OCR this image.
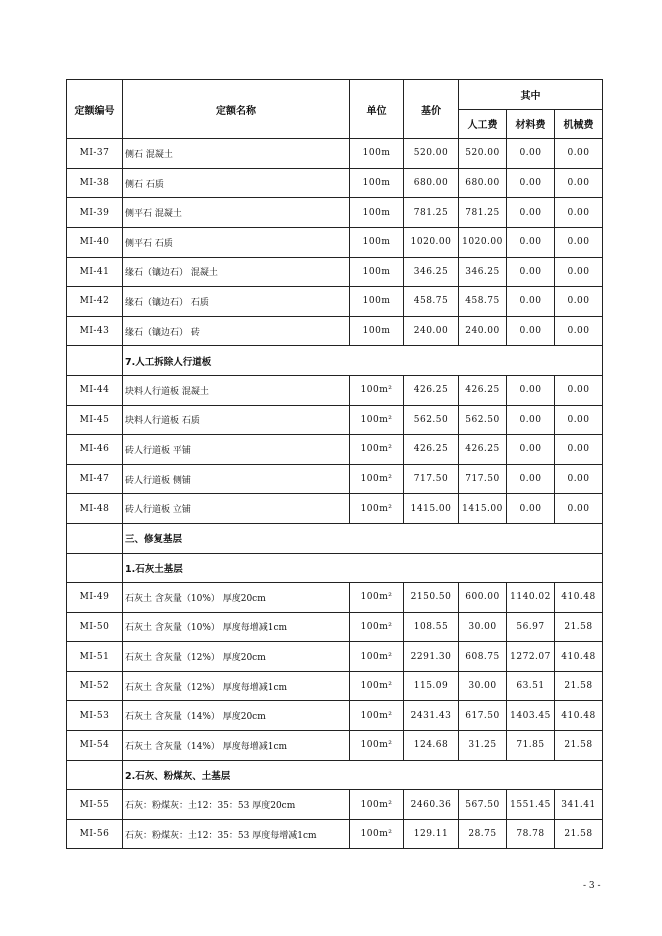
定额编号	定额名称	单位	基价	其中		
				人工费	材料费	机械费
MI-37	侧石 混凝土	100m	520.00	520.00	0.00	0.00
MI-38	侧石 石质	100m	680.00	680.00	0.00	0.00
MI-39	侧平石 混凝土	100m	781.25	781.25	0.00	0.00
MI-40	侧平石 石质	100m	1020.00	1020.00	0.00	0.00
MI-41	缘石（镶边石） 混凝土	100m	346.25	346.25	0.00	0.00
MI-42	缘石（镶边石） 石质	100m	458.75	458.75	0.00	0.00
MI-43	缘石（镶边石） 砖	100m	240.00	240.00	0.00	0.00
	7.人工拆除人行道板					
MI-44	块料人行道板 混凝土	100m²	426.25	426.25	0.00	0.00
MI-45	块料人行道板 石质	100m²	562.50	562.50	0.00	0.00
MI-46	砖人行道板 平铺	100m²	426.25	426.25	0.00	0.00
MI-47	砖人行道板 侧铺	100m²	717.50	717.50	0.00	0.00
MI-48	砖人行道板 立铺	100m²	1415.00	1415.00	0.00	0.00
	三、修复基层					
	1.石灰土基层					
MI-49	石灰土 含灰量（10%） 厚度20cm	100m²	2150.50	600.00	1140.02	410.48
MI-50	石灰土 含灰量（10%） 厚度每增减1cm	100m²	108.55	30.00	56.97	21.58
MI-51	石灰土 含灰量（12%） 厚度20cm	100m²	2291.30	608.75	1272.07	410.48
MI-52	石灰土 含灰量（12%） 厚度每增减1cm	100m²	115.09	30.00	63.51	21.58
MI-53	石灰土 含灰量（14%） 厚度20cm	100m²	2431.43	617.50	1403.45	410.48
MI-54	石灰土 含灰量（14%） 厚度每增减1cm	100m²	124.68	31.25	71.85	21.58
	2.石灰、粉煤灰、土基层					
MI-55	石灰：粉煤灰：土12：35：53 厚度20cm	100m²	2460.36	567.50	1551.45	341.41
MI-56	石灰：粉煤灰：土12：35：53 厚度每增减1cm	100m²	129.11	28.75	78.78	21.58
- 3 -
